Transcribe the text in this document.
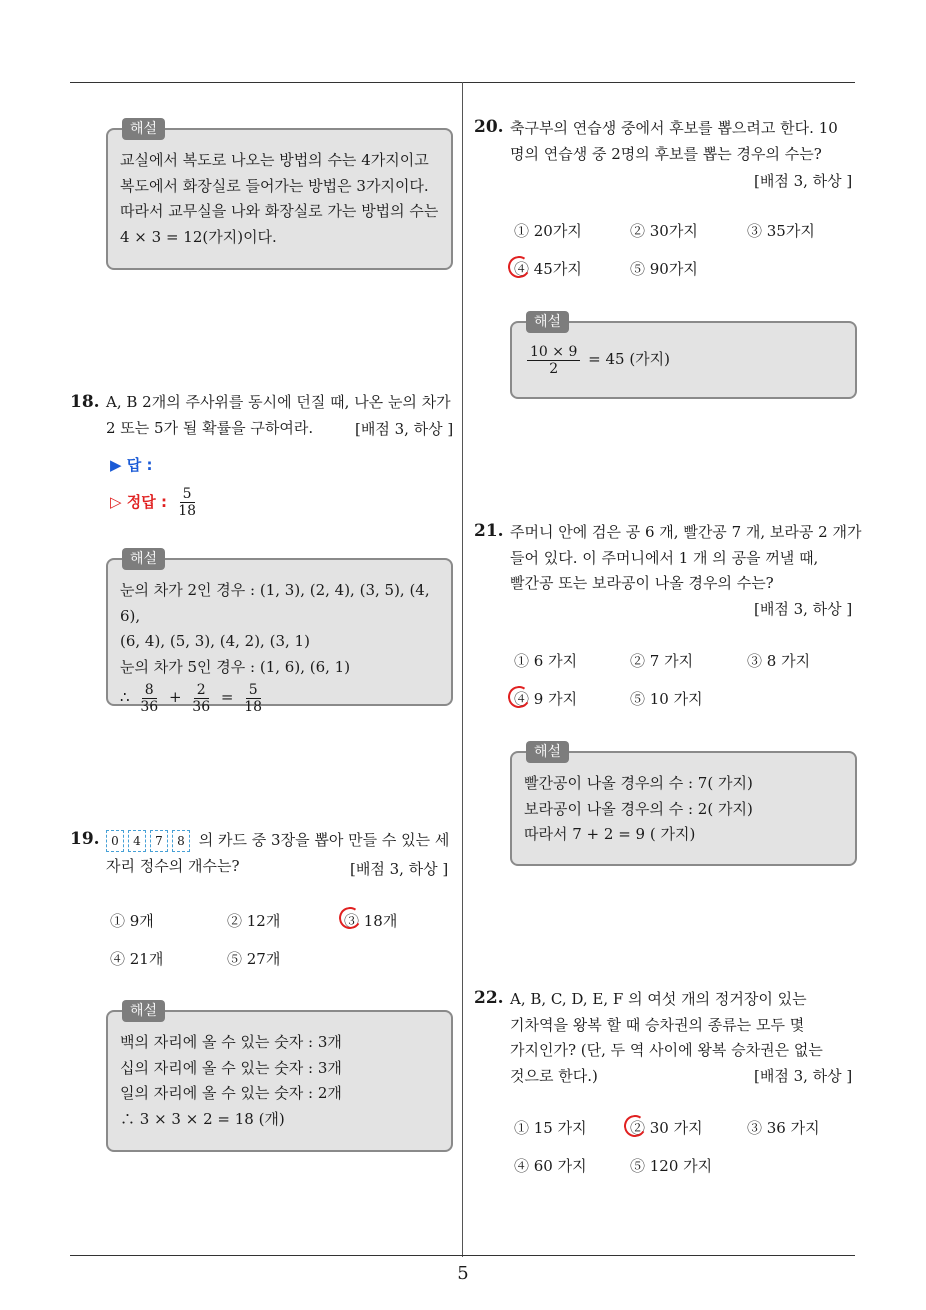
해설
교실에서 복도로 나오는 방법의 수는 4가지이고
복도에서 화장실로 들어가는 방법은 3가지이다.
따라서 교무실을 나와 화장실로 가는 방법의 수는
4 × 3 = 12(가지)이다.
18. A, B 2개의 주사위를 동시에 던질 때, 나온 눈의 차가
2 또는 5가 될 확률을 구하여라.	[배점 3, 하상 ]
▶ 답 :
▷ 정답 : $\frac{5}{18}$
해설
눈의 차가 2인 경우 : (1, 3), (2, 4), (3, 5), (4, 6),
(6, 4), (5, 3), (4, 2), (3, 1)
눈의 차가 5인 경우 : (1, 6), (6, 1)
∴ $\frac{8}{36} + \frac{2}{36} = \frac{5}{18}$
19. 0 4 7 8 의 카드 중 3장을 뽑아 만들 수 있는 세
자리 정수의 개수는?	[배점 3, 하상 ]
① 9개	② 12개	③ 18개
④ 21개	⑤ 27개
해설
백의 자리에 올 수 있는 숫자 : 3개
십의 자리에 올 수 있는 숫자 : 3개
일의 자리에 올 수 있는 숫자 : 2개
∴ 3 × 3 × 2 = 18 (개)
20. 축구부의 연습생 중에서 후보를 뽑으려고 한다. 10
명의 연습생 중 2명의 후보를 뽑는 경우의 수는?
[배점 3, 하상 ]
① 20가지	② 30가지	③ 35가지
④ 45가지	⑤ 90가지
해설
$\frac{10 \times 9}{2} = 45$ (가지)
21. 주머니 안에 검은 공 6 개, 빨간공 7 개, 보라공 2 개가
들어 있다. 이 주머니에서 1 개 의 공을 꺼낼 때,
빨간공 또는 보라공이 나올 경우의 수는?
[배점 3, 하상 ]
① 6 가지	② 7 가지	③ 8 가지
④ 9 가지	⑤ 10 가지
해설
빨간공이 나올 경우의 수 : 7( 가지)
보라공이 나올 경우의 수 : 2( 가지)
따라서 7 + 2 = 9 ( 가지)
22. A, B, C, D, E, F 의 여섯 개의 정거장이 있는
기차역을 왕복 할 때 승차권의 종류는 모두 몇
가지인가? (단, 두 역 사이에 왕복 승차권은 없는
것으로 한다.)	[배점 3, 하상 ]
① 15 가지	② 30 가지	③ 36 가지
④ 60 가지	⑤ 120 가지
5
